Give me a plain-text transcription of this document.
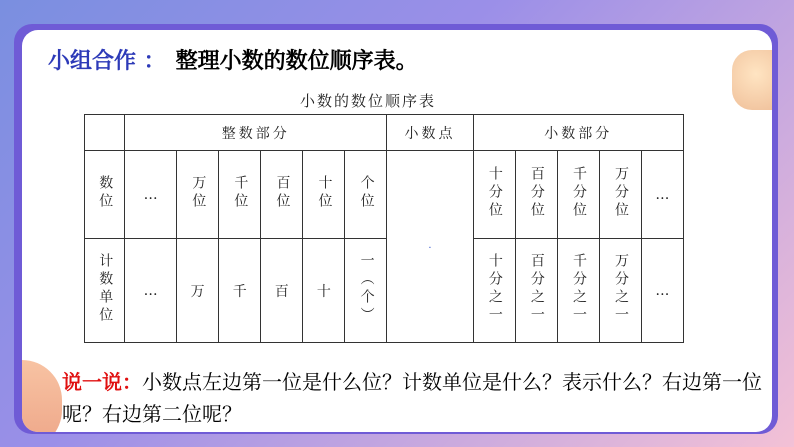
小组合作 ： 整理小数的数位顺序表。
小数的数位顺序表
	整数部分						小数点	小数部分				
数位	…	万位	千位	百位	十位	个位	·	十分位	百分位	千分位	万分位	…
计数单位	…	万	千	百	十	一（个）		十分之一	百分之一	千分之一	万分之一	…
说一说：小数点左边第一位是什么位？计数单位是什么？表示什么？右边第一位呢？右边第二位呢？
